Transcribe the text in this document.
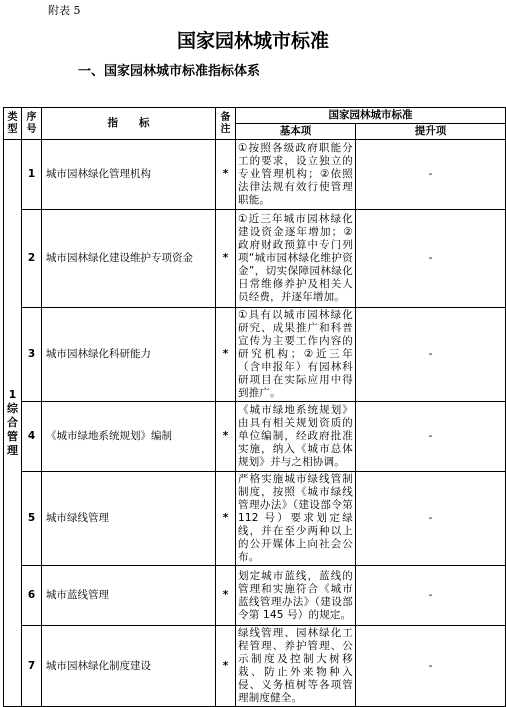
附表 5
国家园林城市标准
一、国家园林城市标准指标体系
类型	序号	指　　标	备注	国家园林城市标准	
				基本项	提升项
1
综合管理	1	城市园林绿化管理机构	*	①按照各级政府职能分工的要求，设立独立的专业管理机构；②依照法律法规有效行使管理职能。	-
	2	城市园林绿化建设维护专项资金	*	①近三年城市园林绿化建设资金逐年增加；②政府财政预算中专门列项“城市园林绿化维护资金”，切实保障园林绿化日常维修养护及相关人员经费，并逐年增加。	-
	3	城市园林绿化科研能力	*	①具有以城市园林绿化研究、成果推广和科普宣传为主要工作内容的研究机构；②近三年（含申报年）有园林科研项目在实际应用中得到推广。	-
	4	《城市绿地系统规划》编制	*	《城市绿地系统规划》由具有相关规划资质的单位编制，经政府批准实施，纳入《城市总体规划》并与之相协调。	-
	5	城市绿线管理	*	严格实施城市绿线管制制度，按照《城市绿线管理办法》（建设部令第 112 号）要求划定绿线，并在至少两种以上的公开媒体上向社会公布。	-
	6	城市蓝线管理	*	划定城市蓝线，蓝线的管理和实施符合《城市蓝线管理办法》（建设部令第 145 号）的规定。	-
	7	城市园林绿化制度建设	*	绿线管理、园林绿化工程管理、养护管理、公示制度及控制大树移栽、防止外来物种入侵、义务植树等各项管理制度健全。	-
